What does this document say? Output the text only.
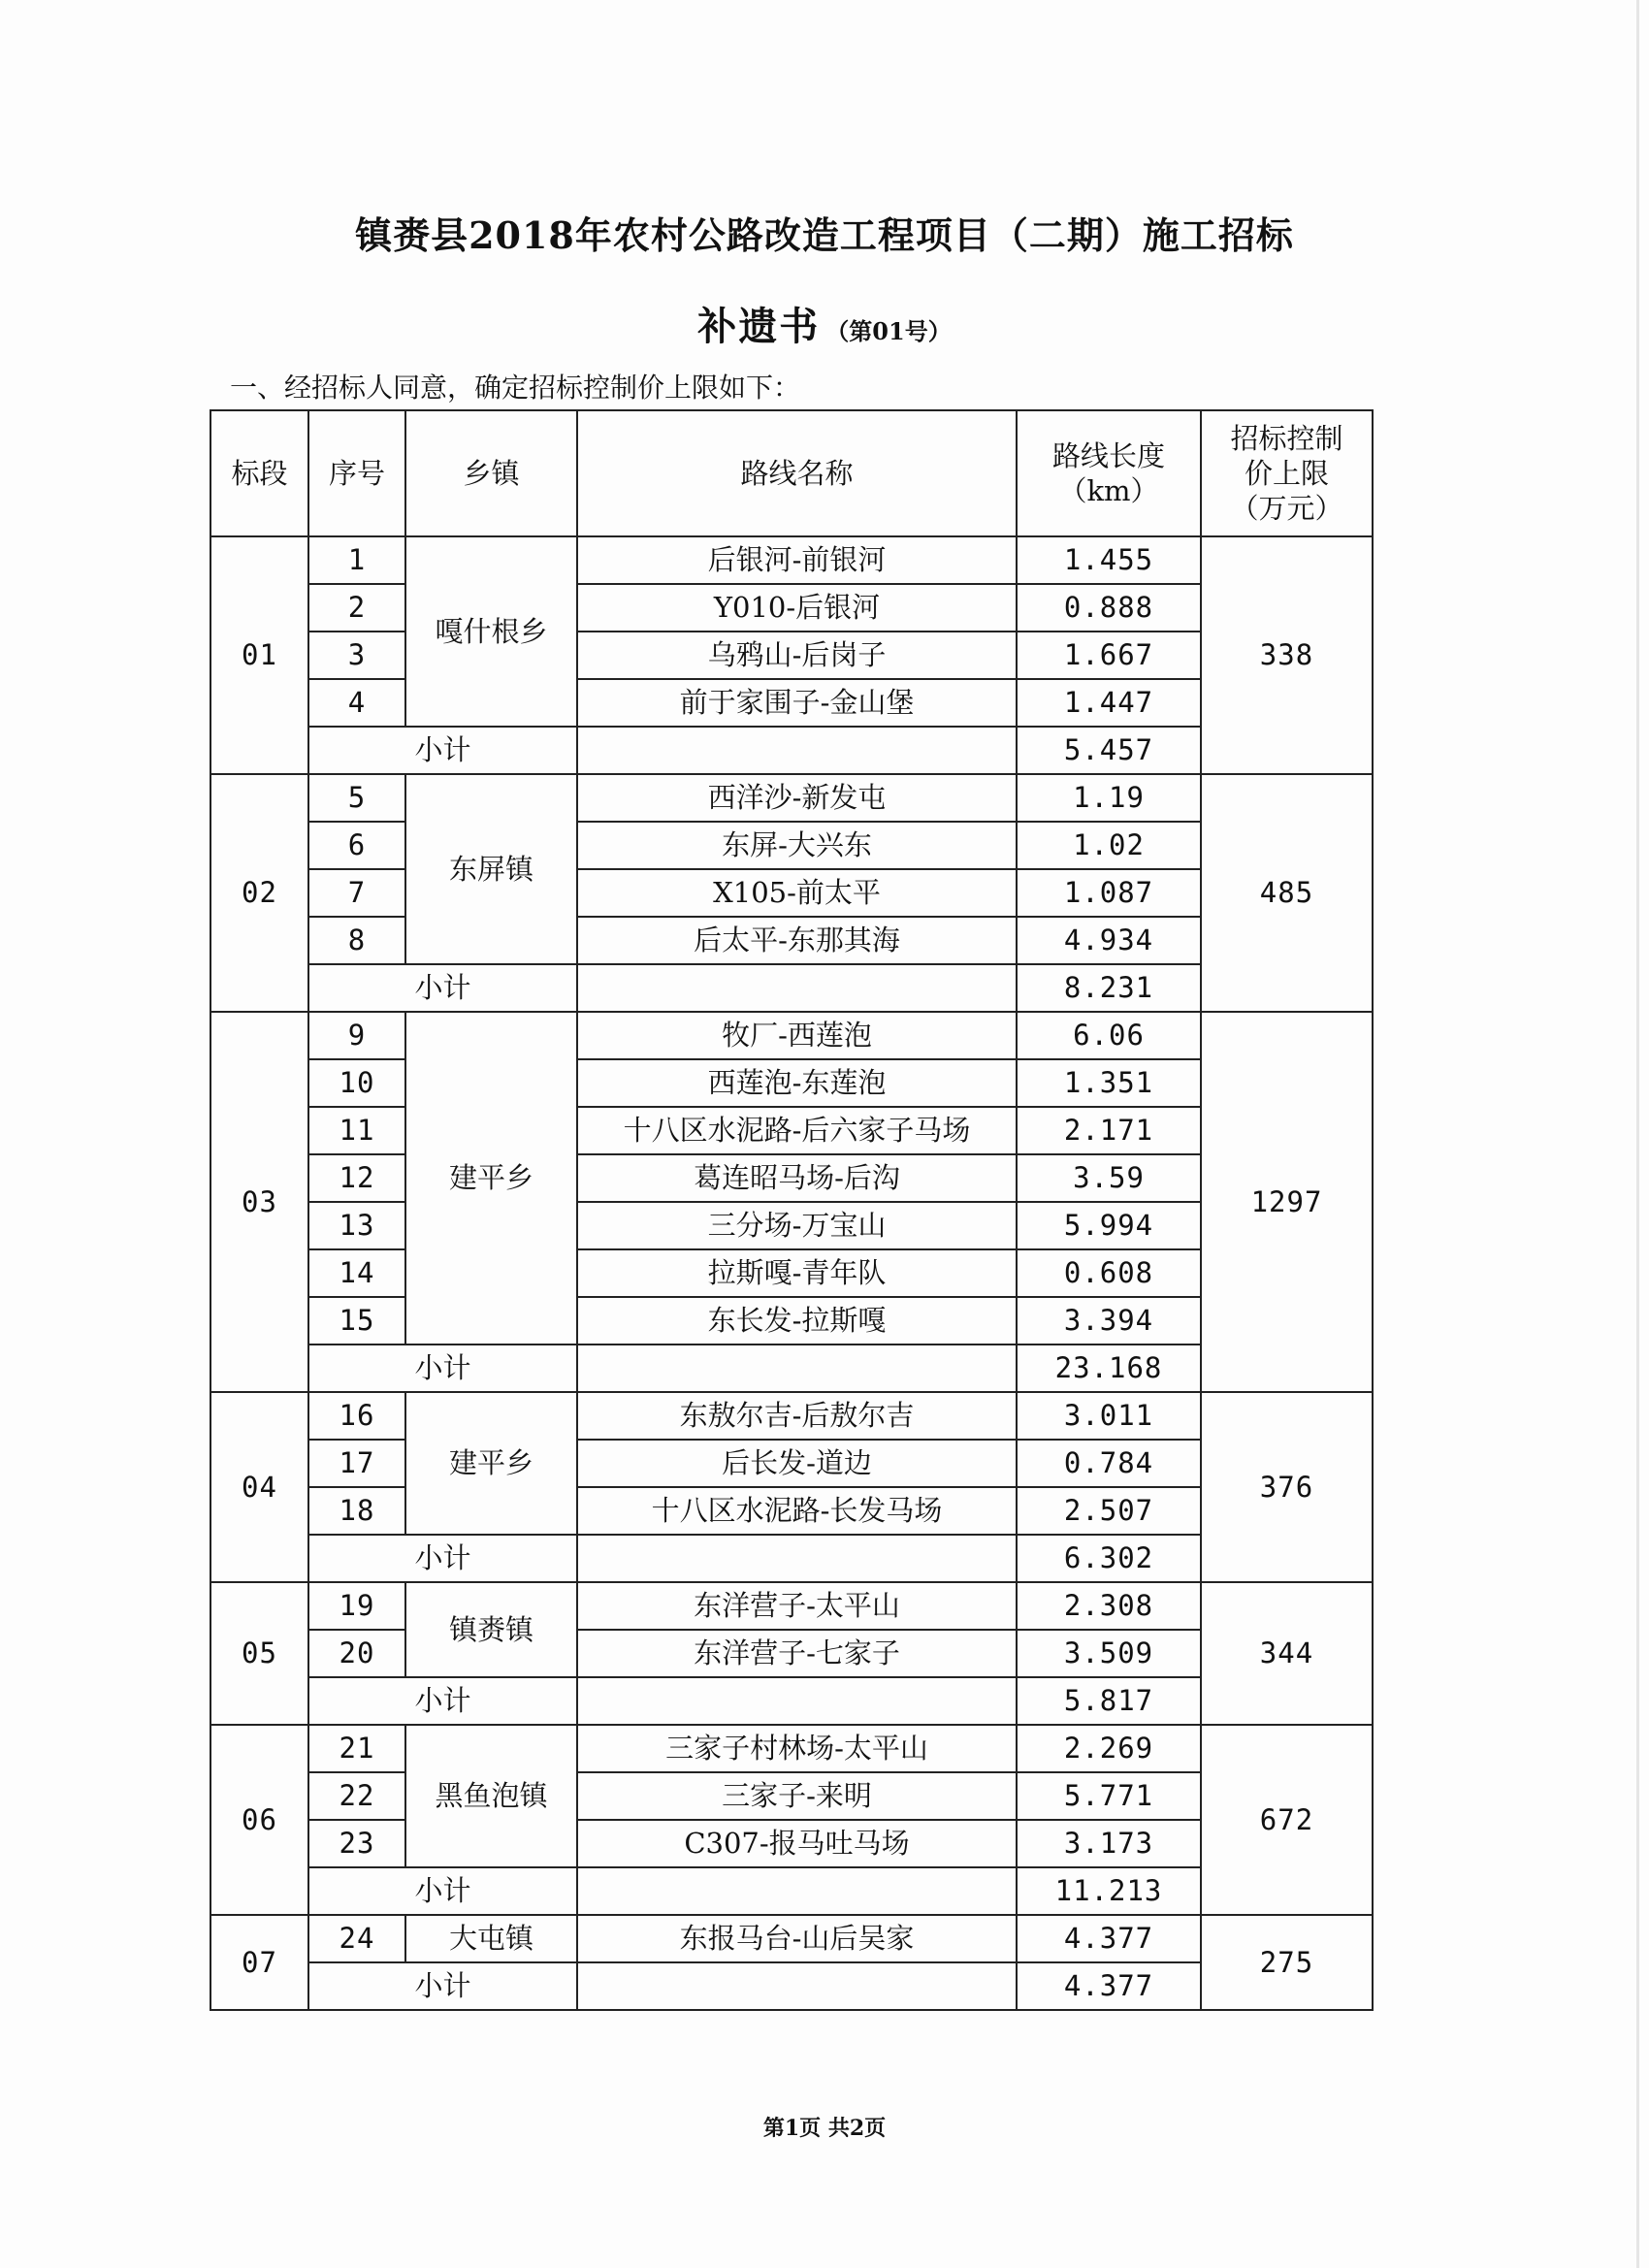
镇赉县2018年农村公路改造工程项目（二期）施工招标
补遗书 （第01号）
一、经招标人同意，确定招标控制价上限如下：
标段	序号	乡镇	路线名称	路线长度（km）	招标控制价上限（万元）

01	1	嘎什根乡	后银河-前银河	1.455	338
	2		Y010-后银河	0.888	
	3		乌鸦山-后岗子	1.667	
	4		前于家围子-金山堡	1.447	
	小计			5.457	
02	5	东屏镇	西洋沙-新发屯	1.19	485
	6		东屏-大兴东	1.02	
	7		X105-前太平	1.087	
	8		后太平-东那其海	4.934	
	小计			8.231	
03	9	建平乡	牧厂-西莲泡	6.06	1297
	10		西莲泡-东莲泡	1.351	
	11		十八区水泥路-后六家子马场	2.171	
	12		葛连昭马场-后沟	3.59	
	13		三分场-万宝山	5.994	
	14		拉斯嘎-青年队	0.608	
	15		东长发-拉斯嘎	3.394	
	小计			23.168	
04	16	建平乡	东敖尔吉-后敖尔吉	3.011	376
	17		后长发-道边	0.784	
	18		十八区水泥路-长发马场	2.507	
	小计			6.302	
05	19	镇赉镇	东洋营子-太平山	2.308	344
	20		东洋营子-七家子	3.509	
	小计			5.817	
06	21	黑鱼泡镇	三家子村林场-太平山	2.269	672
	22		三家子-来明	5.771	
	23		C307-报马吐马场	3.173	
	小计			11.213	
07	24	大屯镇	东报马台-山后吴家	4.377	275
	小计			4.377	
第1页 共2页
